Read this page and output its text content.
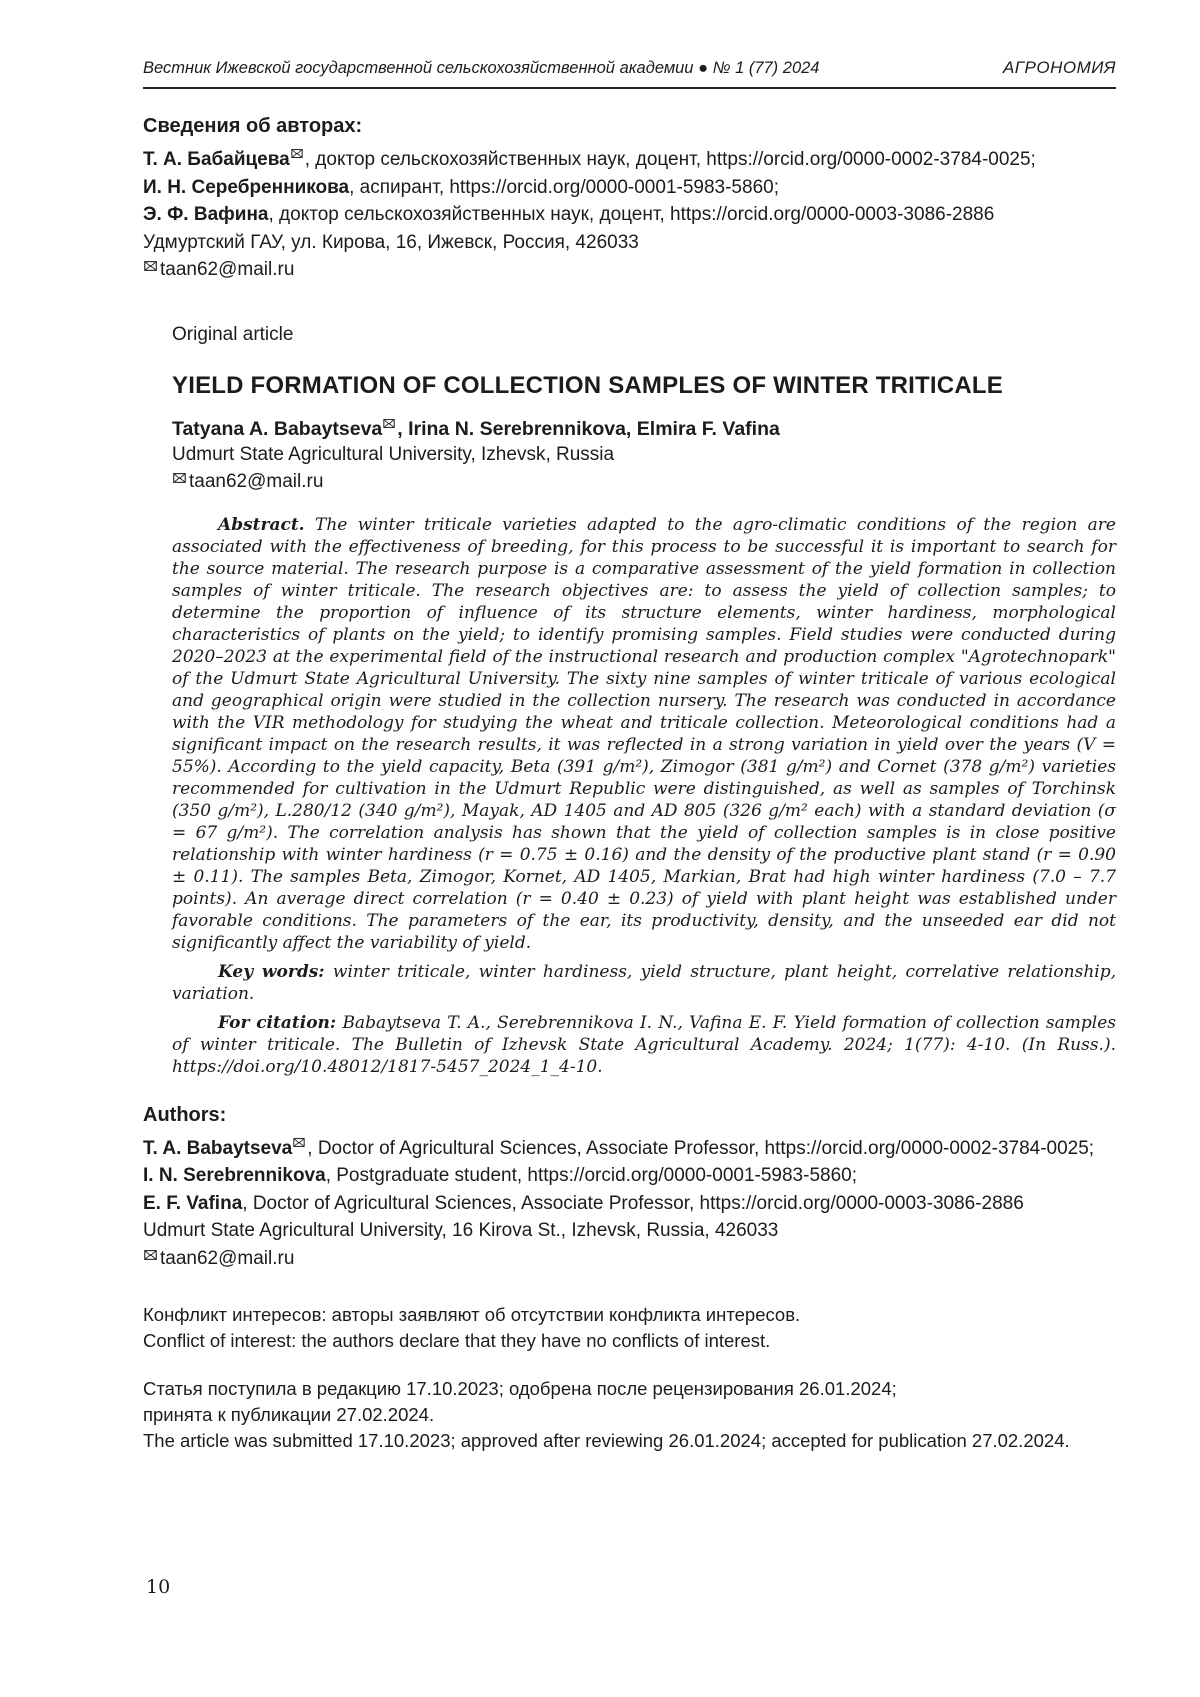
Вестник Ижевской государственной сельскохозяйственной академии ● № 1 (77) 2024	АГРОНОМИЯ
Сведения об авторах:

Т. А. Бабайцева , доктор сельскохозяйственных наук, доцент, https://orcid.org/0000-0002-3784-0025;

И. Н. Серебренникова, аспирант, https://orcid.org/0000-0001-5983-5860;

Э. Ф. Вафина, доктор сельскохозяйственных наук, доцент, https://orcid.org/0000-0003-3086-2886

Удмуртский ГАУ, ул. Кирова, 16, Ижевск, Россия, 426033

taan62@mail.ru

Original article

YIELD FORMATION OF COLLECTION SAMPLES OF WINTER TRITICALE

Tatyana A. Babaytseva , Irina N. Serebrennikova, Elmira F. Vafina

Udmurt State Agricultural University, Izhevsk, Russia

taan62@mail.ru

Abstract. The winter triticale varieties adapted to the agro-climatic conditions of the region are associated with the effectiveness of breeding, for this process to be successful it is important to search for the source material. The research purpose is a comparative assessment of the yield formation in collection samples of winter triticale. The research objectives are: to assess the yield of collection samples; to determine the proportion of influence of its structure elements, winter hardiness, morphological characteristics of plants on the yield; to identify promising samples. Field studies were conducted during 2020–2023 at the experimental field of the instructional research and production complex "Agrotechnopark" of the Udmurt State Agricultural University. The sixty nine samples of winter triticale of various ecological and geographical origin were studied in the collection nursery. The research was conducted in accordance with the VIR methodology for studying the wheat and triticale collection. Meteorological conditions had a significant impact on the research results, it was reflected in a strong variation in yield over the years (V = 55%). According to the yield capacity, Beta (391 g/m²), Zimogor (381 g/m²) and Cornet (378 g/m²) varieties recommended for cultivation in the Udmurt Republic were distinguished, as well as samples of Torchinsk (350 g/m²), L.280/12 (340 g/m²), Mayak, AD 1405 and AD 805 (326 g/m² each) with a standard deviation (σ = 67 g/m²). The correlation analysis has shown that the yield of collection samples is in close positive relationship with winter hardiness (r = 0.75 ± 0.16) and the density of the productive plant stand (r = 0.90 ± 0.11). The samples Beta, Zimogor, Kornet, AD 1405, Markian, Brat had high winter hardiness (7.0 – 7.7 points). An average direct correlation (r = 0.40 ± 0.23) of yield with plant height was established under favorable conditions. The parameters of the ear, its productivity, density, and the unseeded ear did not significantly affect the variability of yield.

Key words: winter triticale, winter hardiness, yield structure, plant height, correlative relationship, variation.

For citation: Babaytseva T. A., Serebrennikova I. N., Vafina E. F. Yield formation of collection samples of winter triticale. The Bulletin of Izhevsk State Agricultural Academy. 2024; 1(77): 4-10. (In Russ.). https://doi.org/10.48012/1817-5457_2024_1_4-10.

Authors:

T. A. Babaytseva , Doctor of Agricultural Sciences, Associate Professor, https://orcid.org/0000-0002-3784-0025;

I. N. Serebrennikova, Postgraduate student, https://orcid.org/0000-0001-5983-5860;

E. F. Vafina, Doctor of Agricultural Sciences, Associate Professor, https://orcid.org/0000-0003-3086-2886

Udmurt State Agricultural University, 16 Kirova St., Izhevsk, Russia, 426033

taan62@mail.ru

Конфликт интересов: авторы заявляют об отсутствии конфликта интересов.

Conflict of interest: the authors declare that they have no conflicts of interest.

Статья поступила в редакцию 17.10.2023; одобрена после рецензирования 26.01.2024;

принята к публикации 27.02.2024.

The article was submitted 17.10.2023; approved after reviewing 26.01.2024; accepted for publication 27.02.2024.

10
